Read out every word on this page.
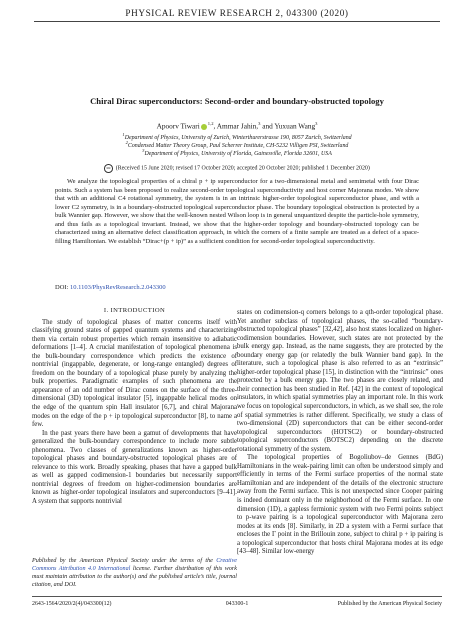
PHYSICAL REVIEW RESEARCH 2, 043300 (2020)
Chiral Dirac superconductors: Second-order and boundary-obstructed topology
Apoorv Tiwari $^{1,2}$, Ammar Jahin,$^3$ and Yuxuan Wang$^3$
$^1$Department of Physics, University of Zurich, Winterthurerstrasse 190, 8057 Zurich, Switzerland
$^2$Condensed Matter Theory Group, Paul Scherrer Institute, CH-5232 Villigen PSI, Switzerland
$^3$Department of Physics, University of Florida, Gainesville, Florida 32601, USA
cc (Received 15 June 2020; revised 17 October 2020; accepted 20 October 2020; published 1 December 2020)

We analyze the topological properties of a chiral p + ip superconductor for a two-dimensional metal and semimetal with four Dirac points. Such a system has been proposed to realize second-order topological superconductivity and host corner Majorana modes. We show that with an additional C4 rotational symmetry, the system is in an intrinsic higher-order topological superconductor phase, and with a lower C2 symmetry, is in a boundary-obstructed topological superconductor phase. The boundary topological obstruction is protected by a bulk Wannier gap. However, we show that the well-known nested Wilson loop is in general unquantized despite the particle-hole symmetry, and thus fails as a topological invariant. Instead, we show that the higher-order topology and boundary-obstructed topology can be characterized using an alternative defect classification approach, in which the corners of a finite sample are treated as a defect of a space-filling Hamiltonian. We establish “Dirac+(p + ip)” as a sufficient condition for second-order topological superconductivity.

DOI: 10.1103/PhysRevResearch.2.043300
I. INTRODUCTION

The study of topological phases of matter concerns itself with classifying ground states of gapped quantum systems and characterizing them via certain robust properties which remain insensitive to adiabatic deformations [1–4]. A crucial manifestation of topological phenomena is the bulk-boundary correspondence which predicts the existence of nontrivial (ingappable, degenerate, or long-range entangled) degrees of freedom on the boundary of a topological phase purely by analyzing the bulk properties. Paradigmatic examples of such phenomena are the appearance of an odd number of Dirac cones on the surface of the three-dimensional (3D) topological insulator [5], ingappable helical modes on the edge of the quantum spin Hall insulator [6,7], and chiral Majorana modes on the edge of the p + ip topological superconductor [8], to name a few.

In the past years there have been a gamut of developments that have generalized the bulk-boundary correspondence to include more subtle phenomena. Two classes of generalizations known as higher-order topological phases and boundary-obstructed topological phases are of relevance to this work. Broadly speaking, phases that have a gapped bulk as well as gapped codimension-1 boundaries but necessarily support nontrivial degrees of freedom on higher-codimension boundaries are known as higher-order topological insulators and superconductors [9–41]. A system that supports nontrivial

Published by the American Physical Society under the terms of the Creative Commons Attribution 4.0 International license. Further distribution of this work must maintain attribution to the author(s) and the published article’s title, journal citation, and DOI.

states on codimension-q corners belongs to a qth-order topological phase. Yet another subclass of topological phases, the so-called “boundary-obstructed topological phases” [32,42], also host states localized on higher-codimension boundaries. However, such states are not protected by the bulk energy gap. Instead, as the name suggests, they are protected by the boundary energy gap (or relatedly the bulk Wannier band gap). In the literature, such a topological phase is also referred to as an “extrinsic” higher-order topological phase [15], in distinction with the “intrinsic” ones protected by a bulk energy gap. The two phases are closely related, and their connection has been studied in Ref. [42] in the context of topological insulators, in which spatial symmetries play an important role. In this work we focus on topological superconductors, in which, as we shall see, the role of spatial symmetries is rather different. Specifically, we study a class of two-dimensional (2D) superconductors that can be either second-order topological superconductors (HOTSC2) or boundary-obstructed topological superconductors (BOTSC2) depending on the discrete rotational symmetry of the system.

The topological properties of Bogoliubov–de Gennes (BdG) Hamiltonians in the weak-pairing limit can often be understood simply and efficiently in terms of the Fermi surface properties of the normal state Hamiltonian and are independent of the details of the electronic structure away from the Fermi surface. This is not unexpected since Cooper pairing is indeed dominant only in the neighborhood of the Fermi surface. In one dimension (1D), a gapless fermionic system with two Fermi points subject to p-wave pairing is a topological superconductor with Majorana zero modes at its ends [8]. Similarly, in 2D a system with a Fermi surface that encloses the Γ point in the Brillouin zone, subject to chiral p + ip pairing is a topological superconductor that hosts chiral Majorana modes at its edge [43–48]. Similar low-energy

2643-1564/2020/2(4)/043300(12)	043300-1	Published by the American Physical Society
